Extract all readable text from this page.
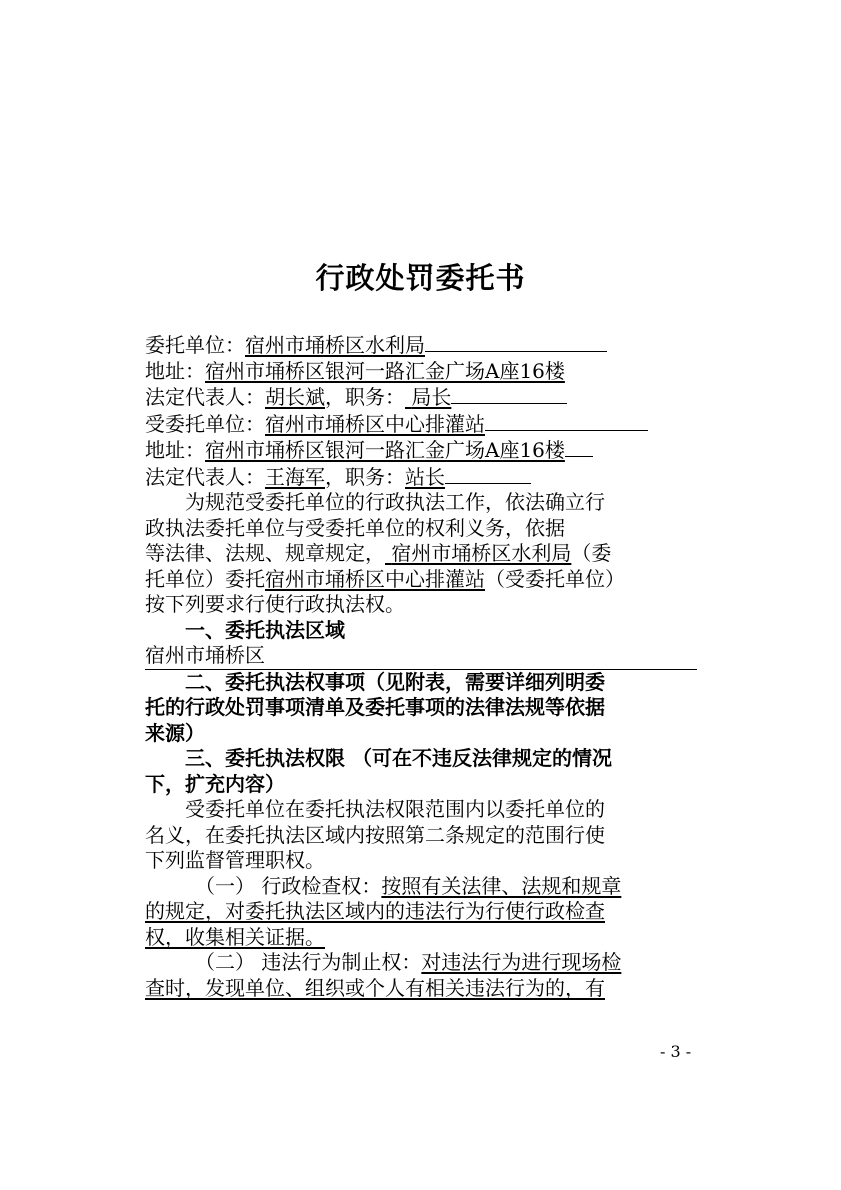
行政处罚委托书
委托单位：宿州市埇桥区水利局
地址：宿州市埇桥区银河一路汇金广场A座16楼
法定代表人：胡长斌，职务： 局长
受委托单位：宿州市埇桥区中心排灌站
地址：宿州市埇桥区银河一路汇金广场A座16楼
法定代表人：王海军，职务：站长
为规范受委托单位的行政执法工作，依法确立行
政执法委托单位与受委托单位的权利义务，依据
等法律、法规、规章规定， 宿州市埇桥区水利局（委
托单位）委托宿州市埇桥区中心排灌站（受委托单位）
按下列要求行使行政执法权。
一、委托执法区域
宿州市埇桥区
二、委托执法权事项（见附表，需要详细列明委
托的行政处罚事项清单及委托事项的法律法规等依据
来源）
三、委托执法权限 （可在不违反法律规定的情况
下，扩充内容）
受委托单位在委托执法权限范围内以委托单位的
名义，在委托执法区域内按照第二条规定的范围行使
下列监督管理职权。
（一） 行政检查权：按照有关法律、法规和规章
的规定，对委托执法区域内的违法行为行使行政检查
权，收集相关证据。
（二） 违法行为制止权：对违法行为进行现场检
查时，发现单位、组织或个人有相关违法行为的，有
- 3 -
